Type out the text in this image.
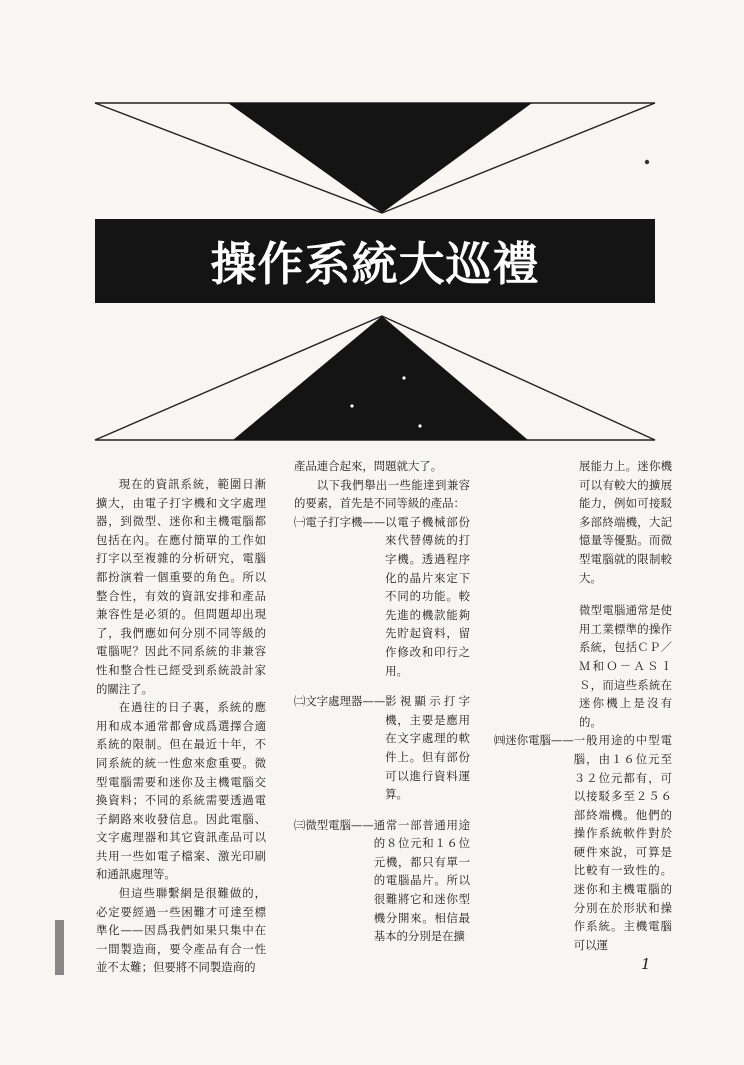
操作系統大巡禮

現在的資訊系統，範圍日漸擴大，由電子打字機和文字處理器，到微型、迷你和主機電腦都包括在內。在應付簡單的工作如打字以至複雜的分析研究，電腦都扮演着一個重要的角色。所以整合性，有效的資訊安排和產品兼容性是必須的。但問題却出現了，我們應如何分別不同等級的電腦呢？因此不同系統的非兼容性和整合性已經受到系統設計家的關注了。

在過往的日子裏，系統的應用和成本通常都會成爲選擇合適系統的限制。但在最近十年，不同系統的統一性愈來愈重要。微型電腦需要和迷你及主機電腦交換資料；不同的系統需要透過電子網路來收發信息。因此電腦、文字處理器和其它資訊產品可以共用一些如電子檔案、激光印刷和通訊處理等。

但這些聯繫網是很難做的，必定要經過一些困難才可達至標準化——因爲我們如果只集中在一間製造商，要令產品有合一性並不太難；但要將不同製造商的

產品連合起來，問題就大了。

以下我們舉出一些能達到兼容的要素，首先是不同等級的產品：

㈠電子打字機—— 以電子機械部份來代替傳統的打字機。透過程序化的晶片來定下不同的功能。較先進的機款能夠先貯起資料，留作修改和印行之用。
㈡文字處理器—— 影視顯示打字機，主要是應用在文字處理的軟件上。但有部份可以進行資料運算。
㈢微型電腦—— 通常一部普通用途的８位元和１６位元機，都只有單一的電腦晶片。所以很難將它和迷你型機分開來。相信最基本的分別是在擴

展能力上。迷你機可以有較大的擴展能力，例如可接駁多部終端機，大記憶量等優點。而微型電腦就的限制較大。

微型電腦通常是使用工業標準的操作系統，包括ＣＰ／Ｍ和Ｏ－ＡＳＩＳ，而這些系統在迷你機上是沒有的。

㈣迷你電腦—— 一般用途的中型電腦，由１６位元至３２位元都有，可以接駁多至２５６部終端機。他們的操作系統軟件對於硬件來說，可算是比較有一致性的。迷你和主機電腦的分別在於形狀和操作系統。主機電腦可以運
1
